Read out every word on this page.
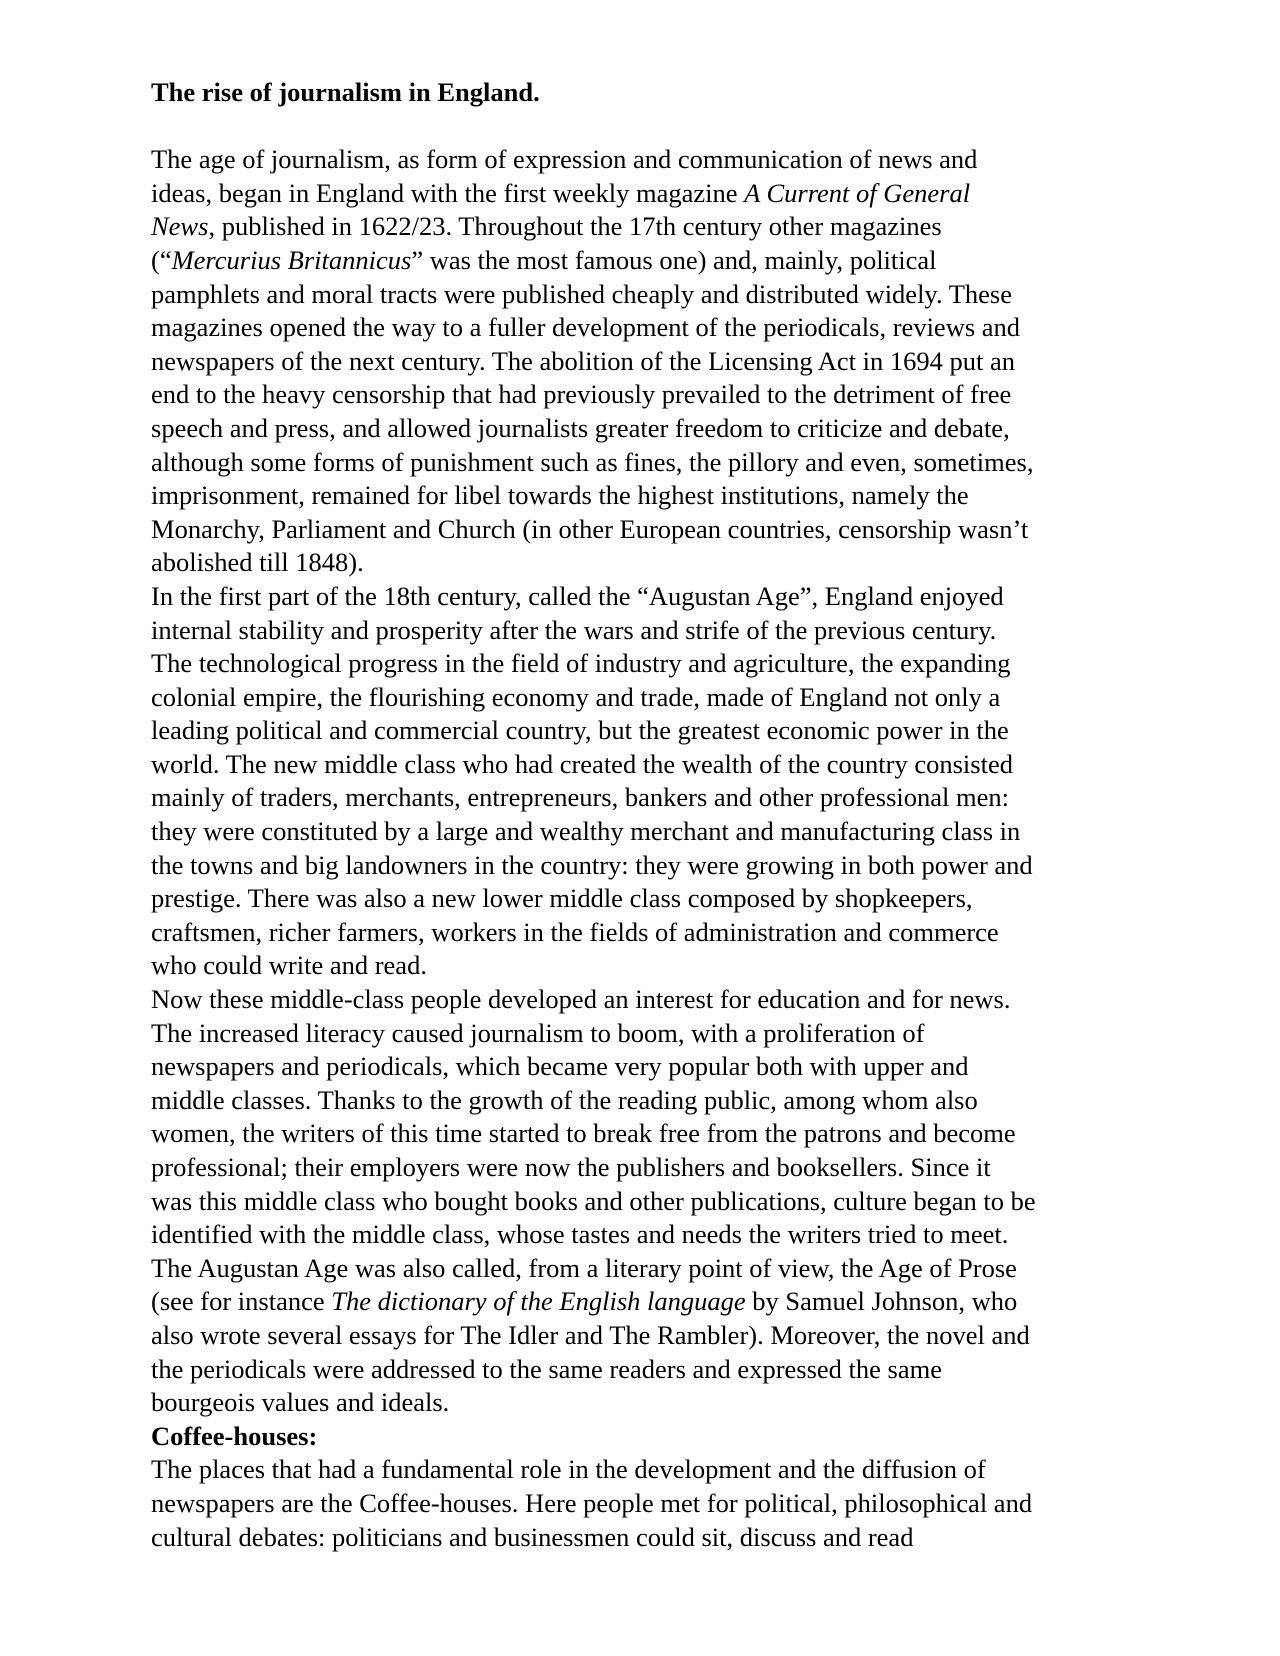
The rise of journalism in England.
The age of journalism, as form of expression and communication of news and
ideas, began in England with the first weekly magazine A Current of General
News, published in 1622/23. Throughout the 17th century other magazines
(“Mercurius Britannicus” was the most famous one) and, mainly, political
pamphlets and moral tracts were published cheaply and distributed widely. These
magazines opened the way to a fuller development of the periodicals, reviews and
newspapers of the next century. The abolition of the Licensing Act in 1694 put an
end to the heavy censorship that had previously prevailed to the detriment of free
speech and press, and allowed journalists greater freedom to criticize and debate,
although some forms of punishment such as fines, the pillory and even, sometimes,
imprisonment, remained for libel towards the highest institutions, namely the
Monarchy, Parliament and Church (in other European countries, censorship wasn’t
abolished till 1848).
In the first part of the 18th century, called the “Augustan Age”, England enjoyed
internal stability and prosperity after the wars and strife of the previous century.
The technological progress in the field of industry and agriculture, the expanding
colonial empire, the flourishing economy and trade, made of England not only a
leading political and commercial country, but the greatest economic power in the
world. The new middle class who had created the wealth of the country consisted
mainly of traders, merchants, entrepreneurs, bankers and other professional men:
they were constituted by a large and wealthy merchant and manufacturing class in
the towns and big landowners in the country: they were growing in both power and
prestige. There was also a new lower middle class composed by shopkeepers,
craftsmen, richer farmers, workers in the fields of administration and commerce
who could write and read.
Now these middle-class people developed an interest for education and for news.
The increased literacy caused journalism to boom, with a proliferation of
newspapers and periodicals, which became very popular both with upper and
middle classes. Thanks to the growth of the reading public, among whom also
women, the writers of this time started to break free from the patrons and become
professional; their employers were now the publishers and booksellers. Since it
was this middle class who bought books and other publications, culture began to be
identified with the middle class, whose tastes and needs the writers tried to meet.
The Augustan Age was also called, from a literary point of view, the Age of Prose
(see for instance The dictionary of the English language by Samuel Johnson, who
also wrote several essays for The Idler and The Rambler). Moreover, the novel and
the periodicals were addressed to the same readers and expressed the same
bourgeois values and ideals.
Coffee-houses:
The places that had a fundamental role in the development and the diffusion of
newspapers are the Coffee-houses. Here people met for political, philosophical and
cultural debates: politicians and businessmen could sit, discuss and read
